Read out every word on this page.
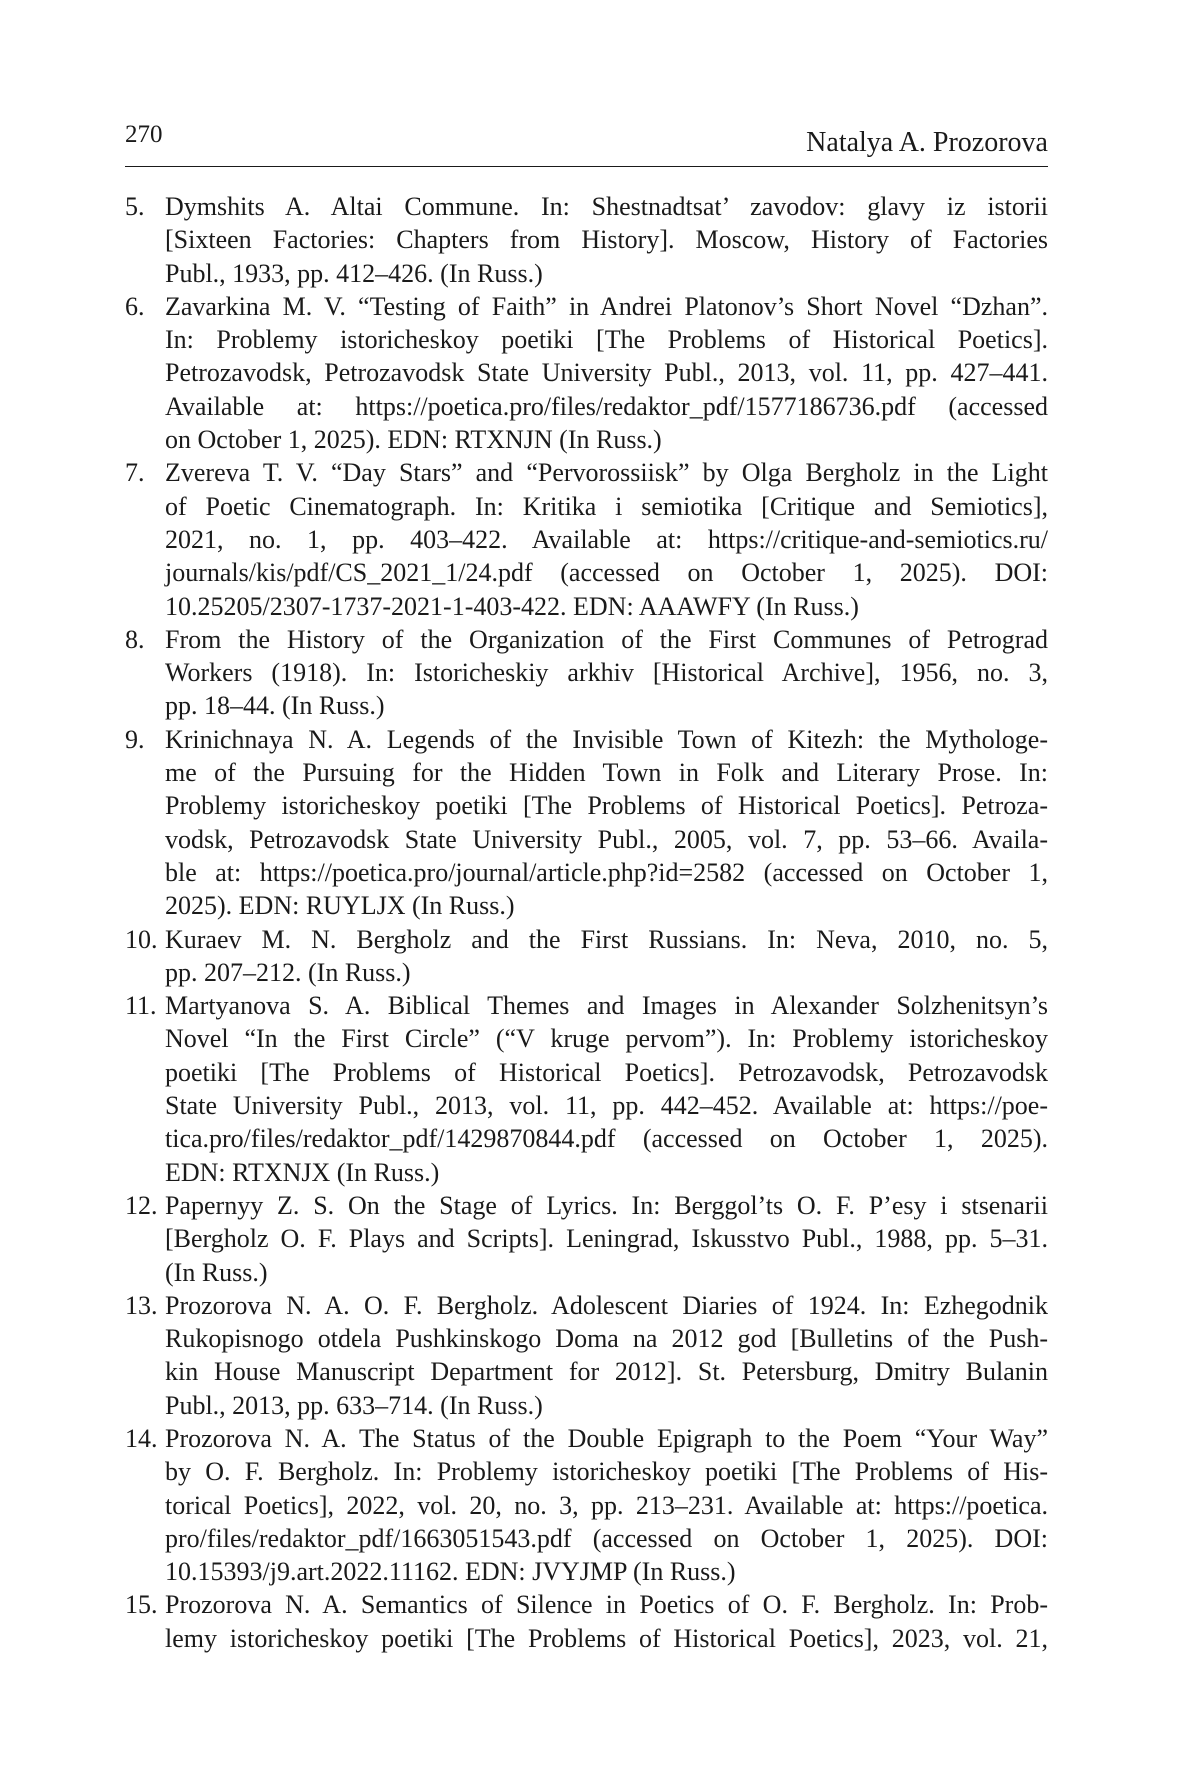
270	Natalya A. Prozorova
5. Dymshits A. Altai Commune. In: Shestnadtsat’ zavodov: glavy iz istorii
[Sixteen Factories: Chapters from History]. Moscow, History of Factories
Publ., 1933, pp. 412–426. (In Russ.)
6. Zavarkina M. V. “Testing of Faith” in Andrei Platonov’s Short Novel “Dzhan”.
In: Problemy istoricheskoy poetiki [The Problems of Historical Poetics].
Petrozavodsk, Petrozavodsk State University Publ., 2013, vol. 11, pp. 427–441.
Available at: https://poetica.pro/files/redaktor_pdf/1577186736.pdf (accessed
on October 1, 2025). EDN: RTXNJN (In Russ.)
7. Zvereva T. V. “Day Stars” and “Pervorossiisk” by Olga Bergholz in the Light
of Poetic Cinematograph. In: Kritika i semiotika [Critique and Semiotics],
2021, no. 1, pp. 403–422. Available at: https://critique-and-semiotics.ru/
journals/kis/pdf/CS_2021_1/24.pdf (accessed on October 1, 2025). DOI:
10.25205/2307-1737-2021-1-403-422. EDN: AAAWFY (In Russ.)
8. From the History of the Organization of the First Communes of Petrograd
Workers (1918). In: Istoricheskiy arkhiv [Historical Archive], 1956, no. 3,
pp. 18–44. (In Russ.)
9. Krinichnaya N. A. Legends of the Invisible Town of Kitezh: the Mythologe-
me of the Pursuing for the Hidden Town in Folk and Literary Prose. In:
Problemy istoricheskoy poetiki [The Problems of Historical Poetics]. Petroza-
vodsk, Petrozavodsk State University Publ., 2005, vol. 7, pp. 53–66. Availa-
ble at: https://poetica.pro/journal/article.php?id=2582 (accessed on October 1,
2025). EDN: RUYLJX (In Russ.)
10. Kuraev M. N. Bergholz and the First Russians. In: Neva, 2010, no. 5,
pp. 207–212. (In Russ.)
11. Martyanova S. A. Biblical Themes and Images in Alexander Solzhenitsyn’s
Novel “In the First Circle” (“V kruge pervom”). In: Problemy istoricheskoy
poetiki [The Problems of Historical Poetics]. Petrozavodsk, Petrozavodsk
State University Publ., 2013, vol. 11, pp. 442–452. Available at: https://poe-
tica.pro/files/redaktor_pdf/1429870844.pdf (accessed on October 1, 2025).
EDN: RTXNJX (In Russ.)
12. Papernyy Z. S. On the Stage of Lyrics. In: Berggol’ts O. F. P’esy i stsenarii
[Bergholz O. F. Plays and Scripts]. Leningrad, Iskusstvo Publ., 1988, pp. 5–31.
(In Russ.)
13. Prozorova N. A. O. F. Bergholz. Adolescent Diaries of 1924. In: Ezhegodnik
Rukopisnogo otdela Pushkinskogo Doma na 2012 god [Bulletins of the Push-
kin House Manuscript Department for 2012]. St. Petersburg, Dmitry Bulanin
Publ., 2013, pp. 633–714. (In Russ.)
14. Prozorova N. A. The Status of the Double Epigraph to the Poem “Your Way”
by O. F. Bergholz. In: Problemy istoricheskoy poetiki [The Problems of His-
torical Poetics], 2022, vol. 20, no. 3, pp. 213–231. Available at: https://poetica.
pro/files/redaktor_pdf/1663051543.pdf (accessed on October 1, 2025). DOI:
10.15393/j9.art.2022.11162. EDN: JVYJMP (In Russ.)
15. Prozorova N. A. Semantics of Silence in Poetics of O. F. Bergholz. In: Prob-
lemy istoricheskoy poetiki [The Problems of Historical Poetics], 2023, vol. 21,
